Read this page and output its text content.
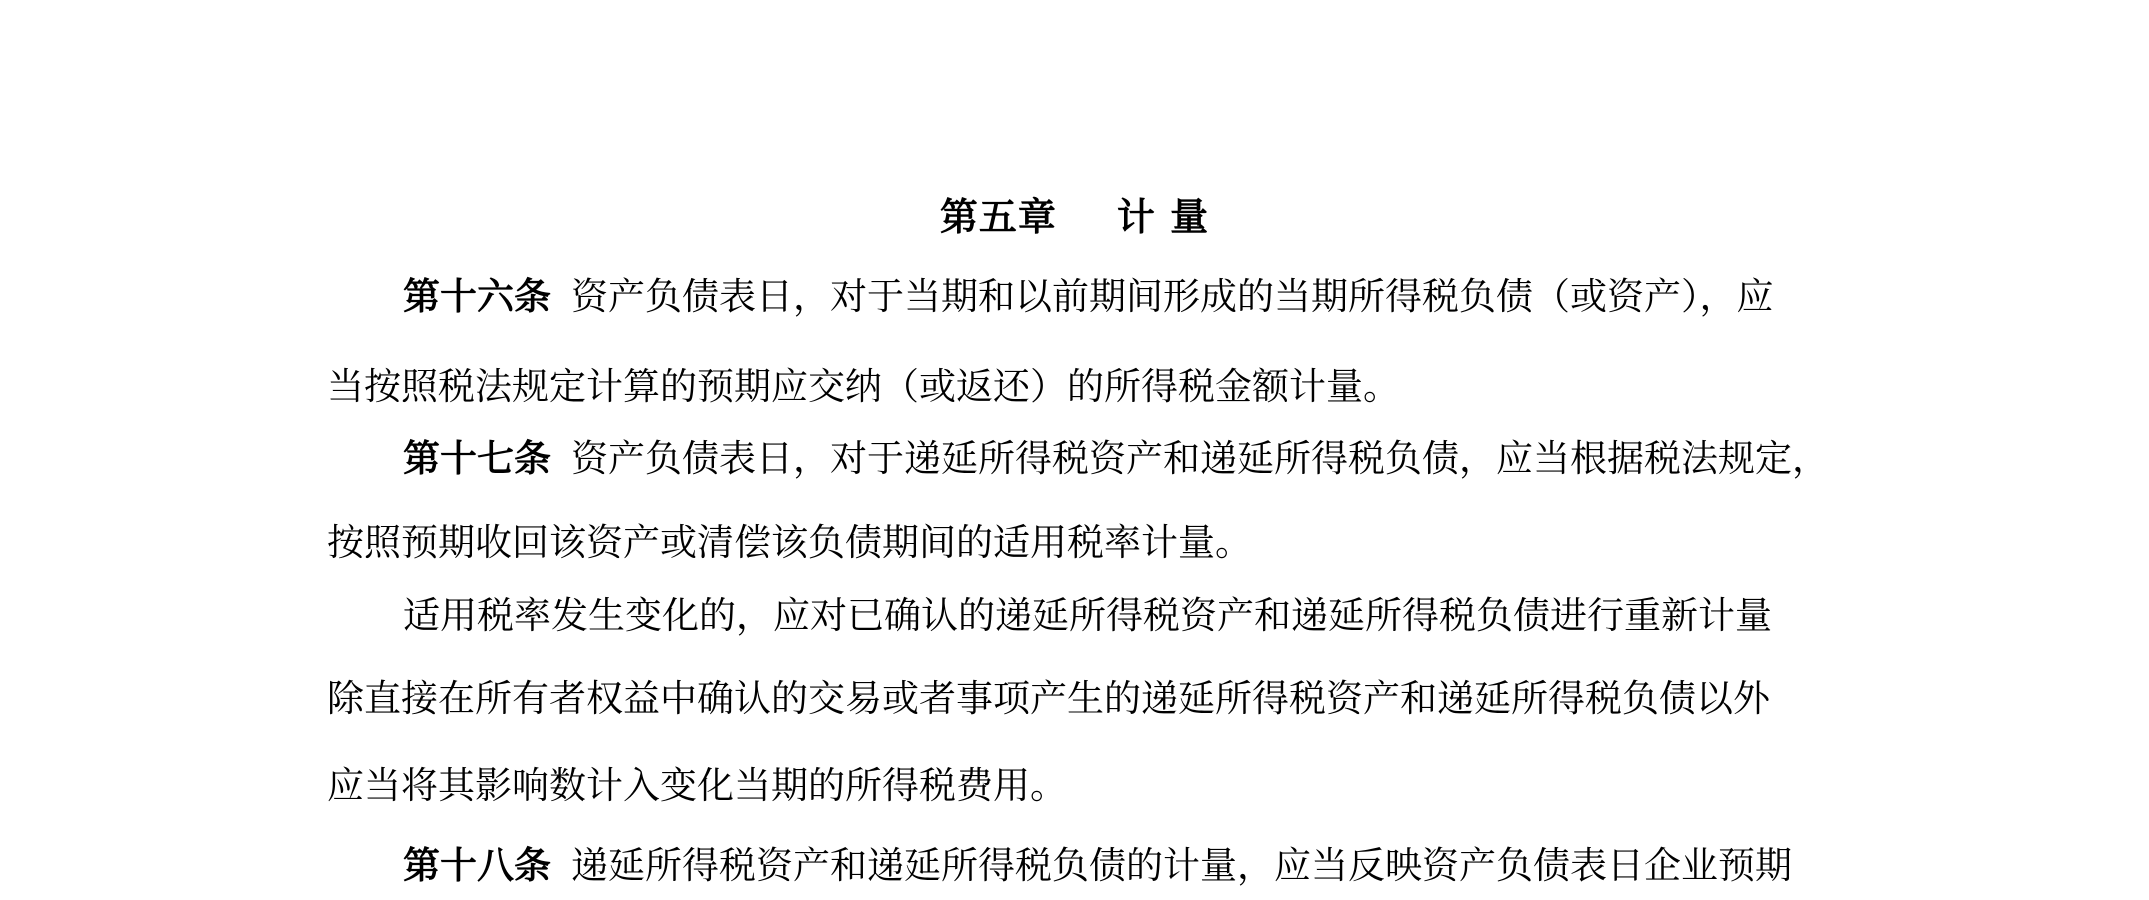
第五章 计 量
第十六条 资产负债表日，对于当期和以前期间形成的当期所得税负债（或资产），应
当按照税法规定计算的预期应交纳（或返还）的所得税金额计量。
第十七条 资产负债表日，对于递延所得税资产和递延所得税负债，应当根据税法规定，
按照预期收回该资产或清偿该负债期间的适用税率计量。
适用税率发生变化的，应对已确认的递延所得税资产和递延所得税负债进行重新计量
除直接在所有者权益中确认的交易或者事项产生的递延所得税资产和递延所得税负债以外
应当将其影响数计入变化当期的所得税费用。
第十八条 递延所得税资产和递延所得税负债的计量，应当反映资产负债表日企业预期
